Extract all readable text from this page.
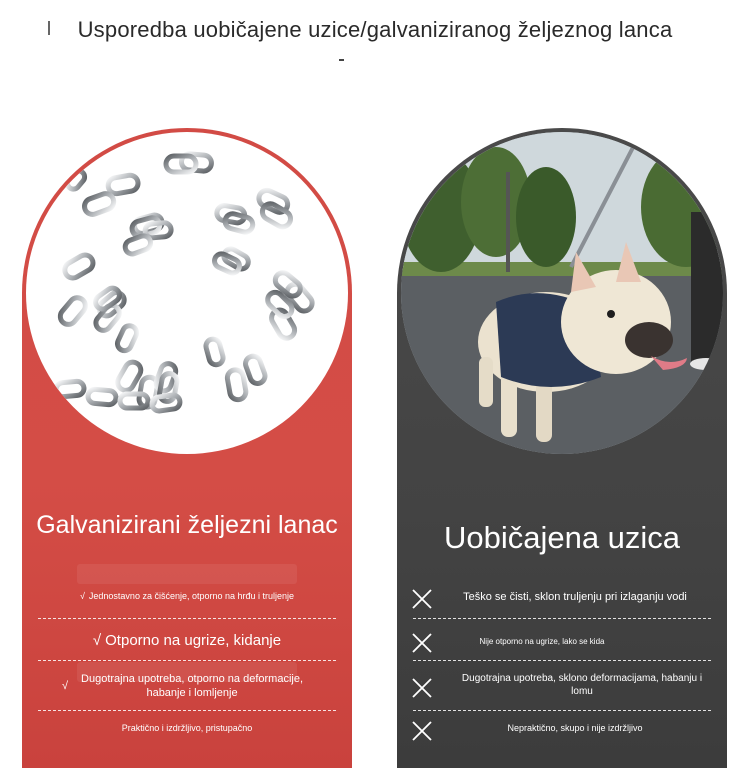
Usporedba uobičajene uzice/galvaniziranog željeznog lanca
Galvanizirani željezni lanac
√ Jednostavno za čišćenje, otporno na hrđu i truljenje
√ Otporno na ugrize, kidanje
√
Dugotrajna upotreba, otporno na deformacije, habanje i lomljenje
Praktično i izdržljivo, pristupačno
Uobičajena uzica
Teško se čisti, sklon truljenju pri izlaganju vodi
Nije otporno na ugrize, lako se kida
Dugotrajna upotreba, sklono deformacijama, habanju i lomu
Nepraktično, skupo i nije izdržljivo
